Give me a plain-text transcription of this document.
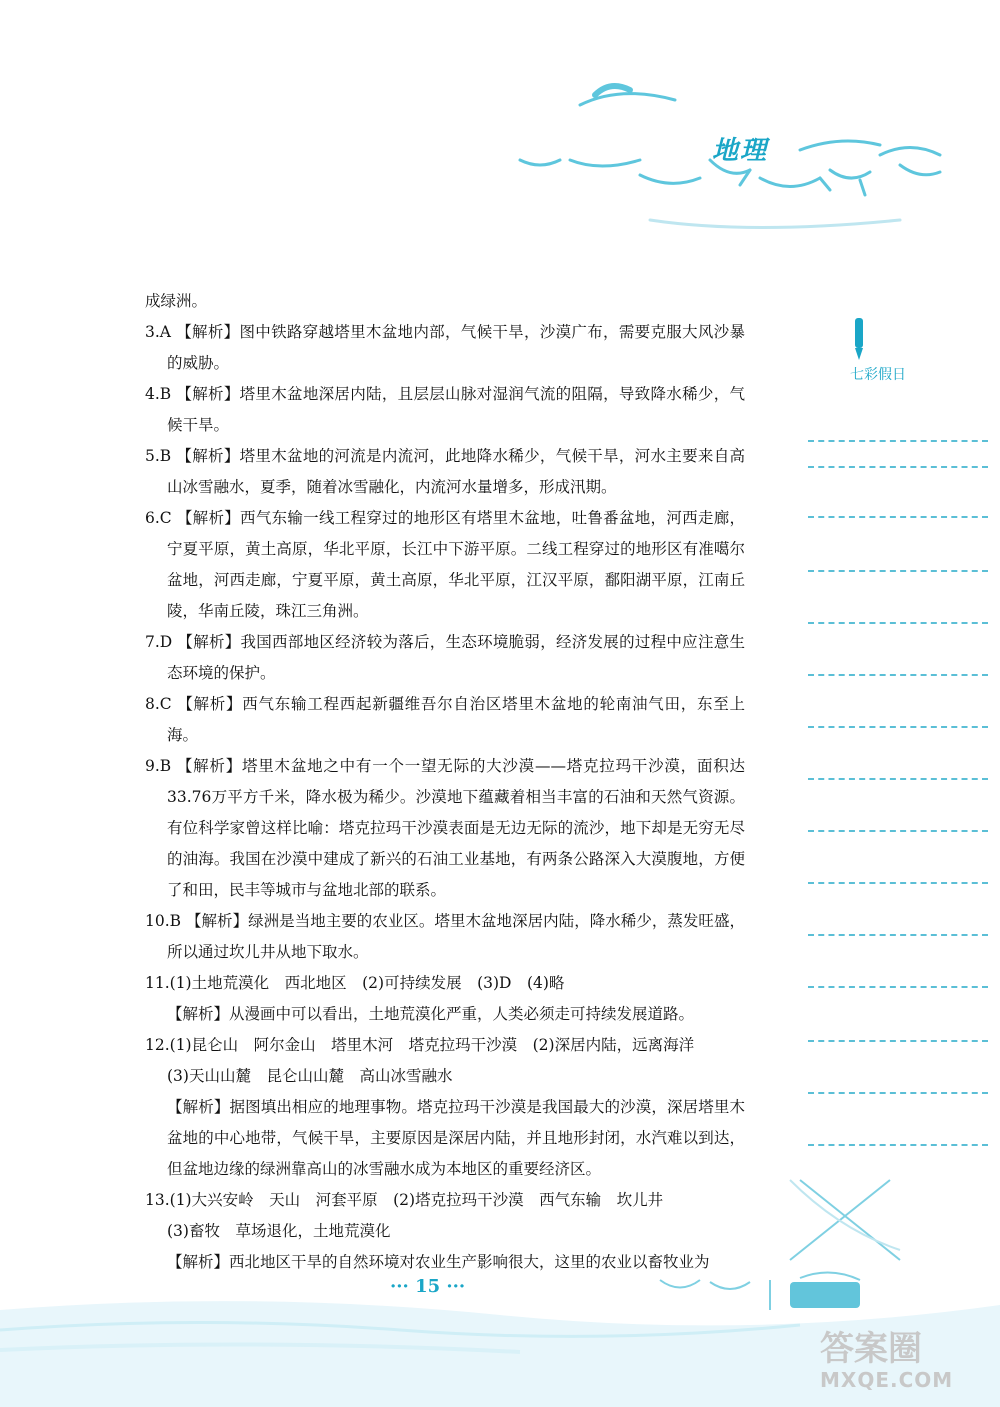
地理

成绿洲。

3.A 【解析】图中铁路穿越塔里木盆地内部，气候干旱，沙漠广布，需要克服大风沙暴的威胁。

4.B 【解析】塔里木盆地深居内陆，且层层山脉对湿润气流的阻隔，导致降水稀少，气候干旱。

5.B 【解析】塔里木盆地的河流是内流河，此地降水稀少，气候干旱，河水主要来自高山冰雪融水，夏季，随着冰雪融化，内流河水量增多，形成汛期。

6.C 【解析】西气东输一线工程穿过的地形区有塔里木盆地，吐鲁番盆地，河西走廊，宁夏平原，黄土高原，华北平原，长江中下游平原。二线工程穿过的地形区有准噶尔盆地，河西走廊，宁夏平原，黄土高原，华北平原，江汉平原，鄱阳湖平原，江南丘陵，华南丘陵，珠江三角洲。

7.D 【解析】我国西部地区经济较为落后，生态环境脆弱，经济发展的过程中应注意生态环境的保护。

8.C 【解析】西气东输工程西起新疆维吾尔自治区塔里木盆地的轮南油气田，东至上海。

9.B 【解析】塔里木盆地之中有一个一望无际的大沙漠——塔克拉玛干沙漠，面积达33.76万平方千米，降水极为稀少。沙漠地下蕴藏着相当丰富的石油和天然气资源。有位科学家曾这样比喻：塔克拉玛干沙漠表面是无边无际的流沙，地下却是无穷无尽的油海。我国在沙漠中建成了新兴的石油工业基地，有两条公路深入大漠腹地，方便了和田，民丰等城市与盆地北部的联系。

10.B 【解析】绿洲是当地主要的农业区。塔里木盆地深居内陆，降水稀少，蒸发旺盛，所以通过坎儿井从地下取水。

11.(1)土地荒漠化　西北地区　(2)可持续发展　(3)D　(4)略

【解析】从漫画中可以看出，土地荒漠化严重，人类必须走可持续发展道路。

12.(1)昆仑山　阿尔金山　塔里木河　塔克拉玛干沙漠　(2)深居内陆，远离海洋

(3)天山山麓　昆仑山山麓　高山冰雪融水

【解析】据图填出相应的地理事物。塔克拉玛干沙漠是我国最大的沙漠，深居塔里木盆地的中心地带，气候干旱，主要原因是深居内陆，并且地形封闭，水汽难以到达，但盆地边缘的绿洲靠高山的冰雪融水成为本地区的重要经济区。

13.(1)大兴安岭　天山　河套平原　(2)塔克拉玛干沙漠　西气东输　坎儿井

(3)畜牧　草场退化，土地荒漠化

【解析】西北地区干旱的自然环境对农业生产影响很大，这里的农业以畜牧业为

七彩假日
··· 15 ···
答案圈
MXQE.COM
